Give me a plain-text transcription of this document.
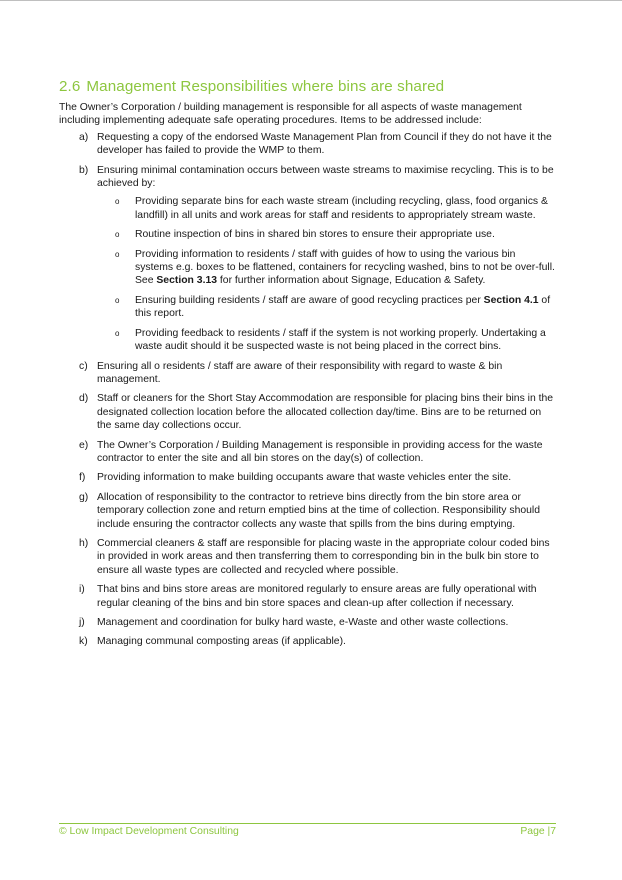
2.6 Management Responsibilities where bins are shared

The Owner’s Corporation / building management is responsible for all aspects of waste management including implementing adequate safe operating procedures. Items to be addressed include:

a) Requesting a copy of the endorsed Waste Management Plan from Council if they do not have it the developer has failed to provide the WMP to them.
b) Ensuring minimal contamination occurs between waste streams to maximise recycling. This is to be achieved by:
o Providing separate bins for each waste stream (including recycling, glass, food organics & landfill) in all units and work areas for staff and residents to appropriately stream waste.
o Routine inspection of bins in shared bin stores to ensure their appropriate use.
o Providing information to residents / staff with guides of how to using the various bin systems e.g. boxes to be flattened, containers for recycling washed, bins to not be over-full. See Section 3.13 for further information about Signage, Education & Safety.
o Ensuring building residents / staff are aware of good recycling practices per Section 4.1 of this report.
o Providing feedback to residents / staff if the system is not working properly. Undertaking a waste audit should it be suspected waste is not being placed in the correct bins.
c) Ensuring all o residents / staff are aware of their responsibility with regard to waste & bin management.
d) Staff or cleaners for the Short Stay Accommodation are responsible for placing bins their bins in the designated collection location before the allocated collection day/time. Bins are to be returned on the same day collections occur.
e) The Owner’s Corporation / Building Management is responsible in providing access for the waste contractor to enter the site and all bin stores on the day(s) of collection.
f) Providing information to make building occupants aware that waste vehicles enter the site.
g) Allocation of responsibility to the contractor to retrieve bins directly from the bin store area or temporary collection zone and return emptied bins at the time of collection. Responsibility should include ensuring the contractor collects any waste that spills from the bins during emptying.
h) Commercial cleaners & staff are responsible for placing waste in the appropriate colour coded bins in provided in work areas and then transferring them to corresponding bin in the bulk bin store to ensure all waste types are collected and recycled where possible.
i) That bins and bins store areas are monitored regularly to ensure areas are fully operational with regular cleaning of the bins and bin store spaces and clean-up after collection if necessary.
j) Management and coordination for bulky hard waste, e-Waste and other waste collections.
k) Managing communal composting areas (if applicable).
© Low Impact Development Consulting	Page |7
